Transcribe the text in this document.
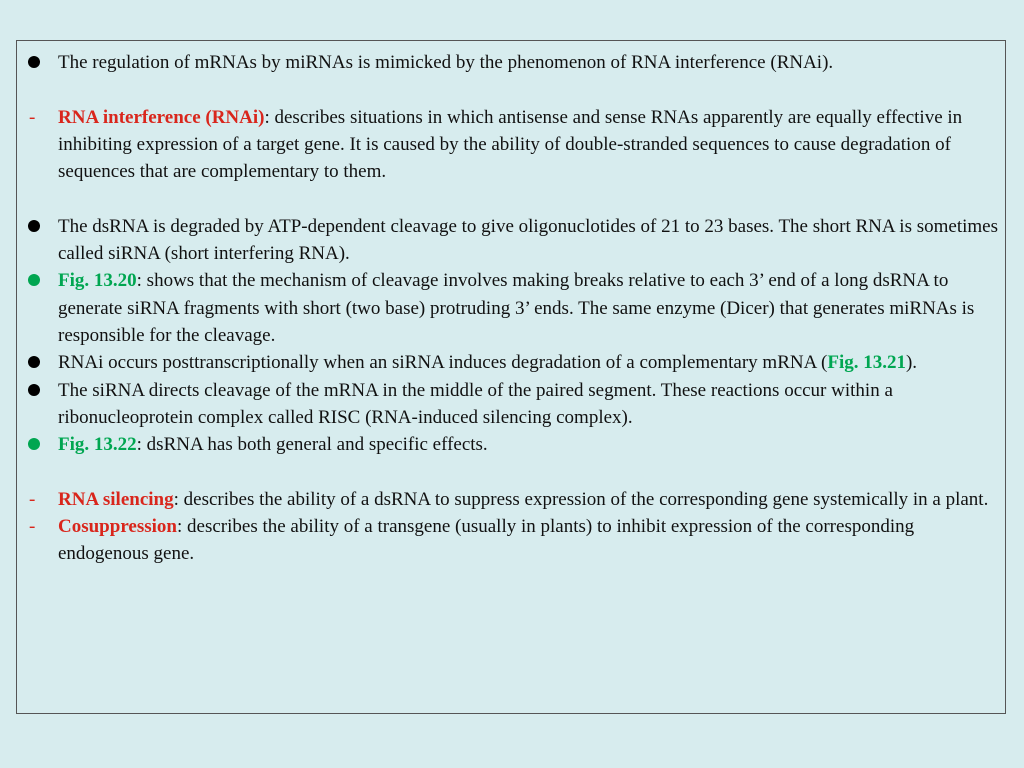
The regulation of mRNAs by miRNAs is mimicked by the phenomenon of RNA interference (RNAi).
- RNA interference (RNAi): describes situations in which antisense and sense RNAs apparently are equally effective in inhibiting expression of a target gene. It is caused by the ability of double-stranded sequences to cause degradation of sequences that are complementary to them.
The dsRNA is degraded by ATP-dependent cleavage to give oligonuclotides of 21 to 23 bases. The short RNA is sometimes called siRNA (short interfering RNA).
Fig. 13.20: shows that the mechanism of cleavage involves making breaks relative to each 3’ end of a long dsRNA to generate siRNA fragments with short (two base) protruding 3’ ends. The same enzyme (Dicer) that generates miRNAs is responsible for the cleavage.
RNAi occurs posttranscriptionally when an siRNA induces degradation of a complementary mRNA (Fig. 13.21).
The siRNA directs cleavage of the mRNA in the middle of the paired segment. These reactions occur within a ribonucleoprotein complex called RISC (RNA-induced silencing complex).
Fig. 13.22: dsRNA has both general and specific effects.
- RNA silencing: describes the ability of a dsRNA to suppress expression of the corresponding gene systemically in a plant.
- Cosuppression: describes the ability of a transgene (usually in plants) to inhibit expression of the corresponding endogenous gene.
